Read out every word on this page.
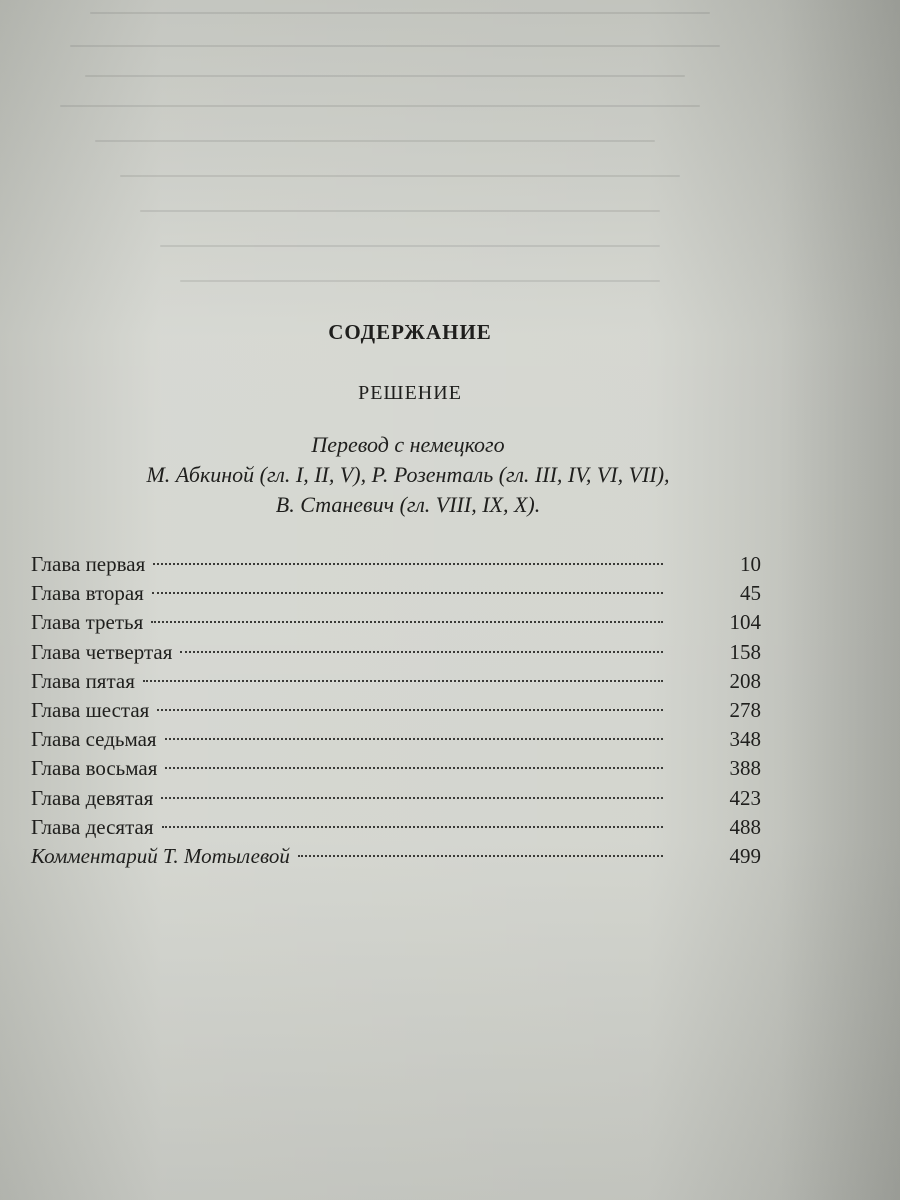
СОДЕРЖАНИЕ
РЕШЕНИЕ
Перевод с немецкого
М. Абкиной (гл. I, II, V), Р. Розенталь (гл. III, IV, VI, VII),
В. Станевич (гл. VIII, IX, X).
Глава первая	10
Глава вторая	45
Глава третья	104
Глава четвертая	158
Глава пятая	208
Глава шестая	278
Глава седьмая	348
Глава восьмая	388
Глава девятая	423
Глава десятая	488
Комментарий Т. Мотылевой	499
